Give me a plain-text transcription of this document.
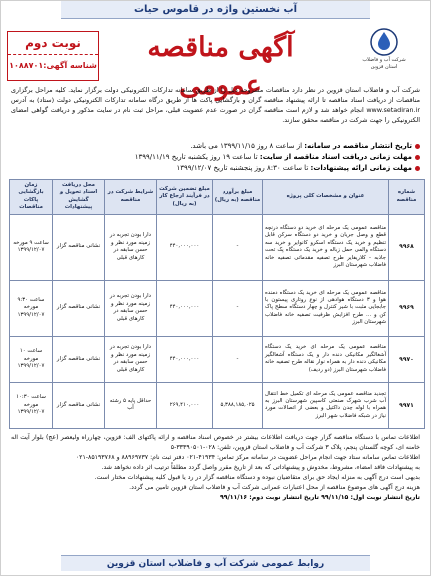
آب نخستین واژه در قاموس حیات
شرکت آب و فاضلاب استان قزوین
آگهی مناقصه عمومی
نوبت دوم
شناسه آگهی:۱۰۸۸۷۰۱
شرکت آب و فاضلاب استان قزوین در نظر دارد مناقصات مشروحه ذیل را از طریق سامانه تدارکات الکترونیکی دولت برگزار نماید. کلیه مراحل برگزاری مناقصات از دریافت اسناد مناقصه تا ارائه پیشنهاد مناقصه گران و بازگشایی پاکت ها از طریق درگاه سامانه تدارکات الکترونیکی دولت (ستاد) به آدرس www.setadiran.ir انجام خواهد شد و لازم است مناقصه گران در صورت عدم عضویت قبلی، مراحل ثبت نام در سایت مذکور و دریافت گواهی امضای الکترونیکی را جهت شرکت در مناقصه محقق سازند.
تاریخ انتشار مناقصه در سامانه: از ساعت ۸ روز ۱۳۹۹/۱۱/۱۵ می باشد.
مهلت زمانی دریافت اسناد مناقصه از سایت: تا ساعت ۱۹ روز یکشنبه تاریخ ۱۳۹۹/۱۱/۱۹
مهلت زمانی ارائه پیشنهادات: تا ساعت ۸:۳۰ روز پنجشنبه تاریخ ۱۳۹۹/۱۲/۰۷
شماره مناقصه	عنوان و مشخصات کلی پروژه	مبلغ برآورد مناقصه (به ریال)	مبلغ تضمین شرکت در فرآیند ارجاع کار (به ریال)	شرایط شرکت در مناقصه	محل دریافت اسناد تحویل و گشایش پیشنهادات	زمان بازگشایی پاکات مناقصات
۹۹۶۸	مناقصه عمومی یک مرحله ای خرید دو دستگاه درنچه قطع و وصل جریان و خرید دو دستگاه سرکن قابل تنظیم و خرید یک دستگاه اسکرو کانوایر و خرید سه دستگاه والمی حمل زباله و خرید یک دستگاه پک تحت جاذبه‌ - کلاریفایر طرح تصفیه مقدماتی تصفیه خانه فاضلاب شهرستان البرز	-	۴۴۰,۰۰۰,۰۰۰	دارا بودن تجربه در زمینه مورد نظر و حسن سابقه در کارهای قبلی	نشانی مناقصه گزار	ساعت ۹ مورخه ۱۳۹۹/۱۲/۰۷
۹۹۶۹	مناقصه عمومی یک مرحله ای خرید یک دستگاه دمنده هوا و ۳ دستگاه هوادهی از نوع روتاری پیستون با جابجایی مثبت با شیر کنترل و چهار دستگاه سطح پاک کن و ... طرح افزایش ظرفیت تصفیه خانه فاضلاب شهرستان البرز	-	۴۴۰,۰۰۰,۰۰۰	دارا بودن تجربه در زمینه مورد نظر و حسن سابقه در کارهای قبلی	نشانی مناقصه گزار	ساعت ۹:۳۰ مورخه ۱۳۹۹/۱۲/۰۷
۹۹۷۰	مناقصه عمومی یک مرحله ای خرید یک دستگاه آشغالگیر مکانیکی دنده دار و یک دستگاه آشغالگیر مکانیکی دنده دار به همراه نوار نقاله طرح تصفیه خانه فاضلاب شهرستان البرز (دو ردیف)	-	۴۴۰,۰۰۰,۰۰۰	دارا بودن تجربه در زمینه مورد نظر و حسن سابقه در کارهای قبلی	نشانی مناقصه گزار	ساعت ۱۰ مورخه ۱۳۹۹/۱۲/۰۷
۹۹۷۱	تجدید مناقصه عمومی یک مرحله ای تکمیل خط انتقال آب شرب شهرک صنعتی کاسپین شهرستان البرز به همراه با لوله چدن داکتیل و بعضی از اتصالات مورد نیاز در شبکه فاضلاب شهر البرز	۵,۳۸۸,۱۸۵,۰۲۵	۲۶۹,۴۱۰,۰۰۰	حداقل پایه ۵ رشته آب	نشانی مناقصه گزار	ساعت ۱۰:۳۰ مورخه ۱۳۹۹/۱۲/۰۷
اطلاعات تماس با دستگاه مناقصه گزار جهت دریافت اطلاعات بیشتر در خصوص اسناد مناقصه و ارائه پاکتهای الف: قزوین، چهارراه ولیعصر (عج) بلوار آیت اله خامنه ای، کوچه گلستان پنجم، پلاک ۳ شرکت آب و فاضلاب استان قزوین، تلفن: ۰۲۸-۳۳۳۹۰۵۰۱-۵
اطلاعات تماس سامانه ستاد جهت انجام مراحل عضویت در سامانه مرکز تماس: ۴۱۹۳۴-۰۲۱ دفتر ثبت نام: ۸۸۹۶۹۷۳۷ و ۸۵۱۹۳۷۶۸-۰۲۱
به پیشنهادات فاقد امضاء، مشروط، مخدوش و پیشنهاداتی که بعد از تاریخ مقرر واصل گردد مطلقاً ترتیب اثر داده نخواهد شد.
بدیهی است درج آگهی به منزله ایجاد حق برای متقاضیان نبوده و دستگاه مناقصه گزار در رد یا قبول کلیه پیشنهادات مختار است.
هزینه درج آگهی های موضوع مناقصه از محل اعتبارات عمرانی شرکت آب و فاضلاب استان قزوین تامین می گردد.
تاریخ انتشار نوبت اول: ۹۹/۱۱/۱۵ تاریخ انتشار نوبت دوم: ۹۹/۱۱/۱۶
روابط عمومی شرکت آب و فاضلاب استان قزوین
